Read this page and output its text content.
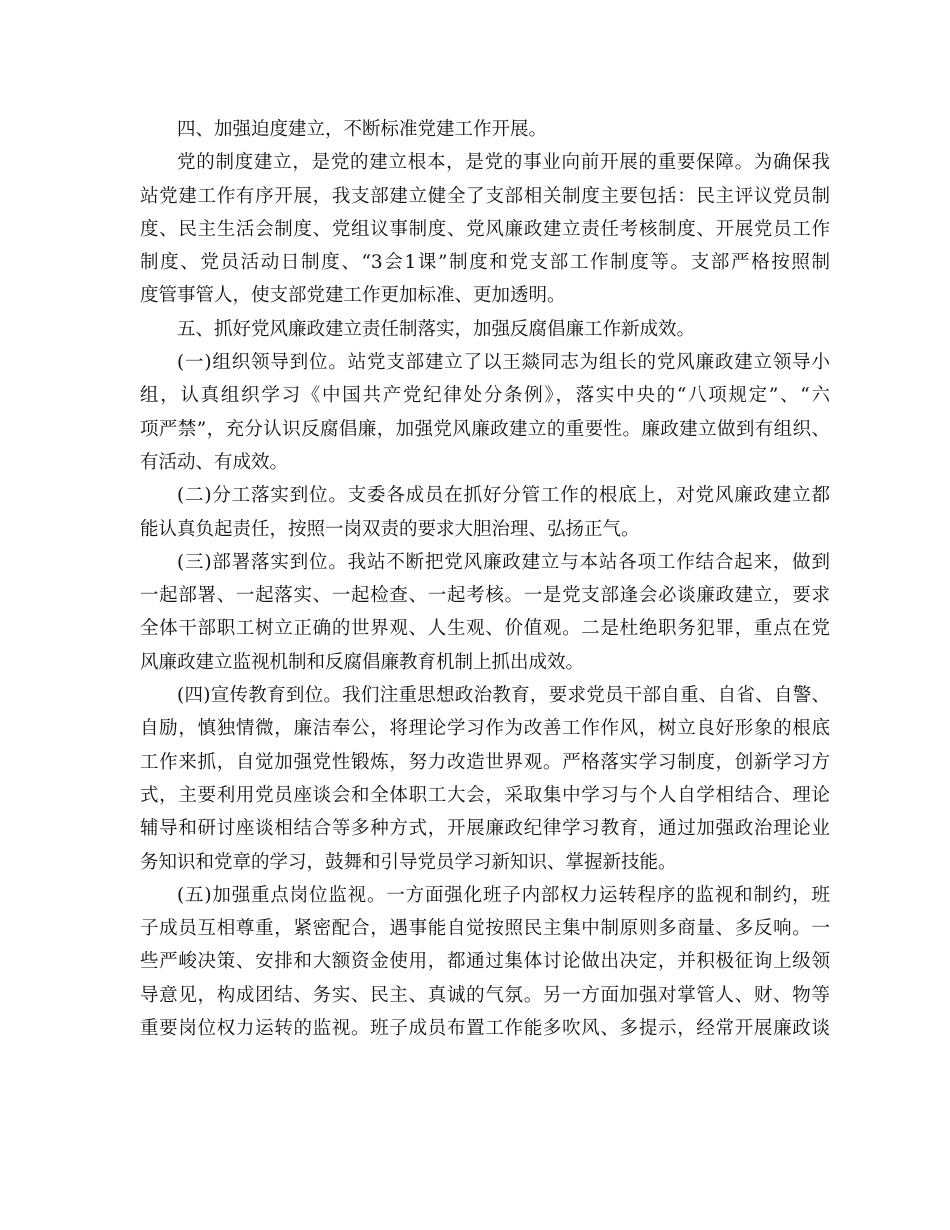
四、加强迫度建立，不断标准党建工作开展。
党的制度建立，是党的建立根本，是党的事业向前开展的重要保障。为确保我
站党建工作有序开展，我支部建立健全了支部相关制度主要包括：民主评议党员制
度、民主生活会制度、党组议事制度、党风廉政建立责任考核制度、开展党员工作
制度、党员活动日制度、“3会1课”制度和党支部工作制度等。支部严格按照制
度管事管人，使支部党建工作更加标准、更加透明。
五、抓好党风廉政建立责任制落实，加强反腐倡廉工作新成效。
(一)组织领导到位。站党支部建立了以王燚同志为组长的党风廉政建立领导小
组，认真组织学习《中国共产党纪律处分条例》，落实中央的“八项规定”、“六
项严禁”，充分认识反腐倡廉，加强党风廉政建立的重要性。廉政建立做到有组织、
有活动、有成效。
(二)分工落实到位。支委各成员在抓好分管工作的根底上，对党风廉政建立都
能认真负起责任，按照一岗双责的要求大胆治理、弘扬正气。
(三)部署落实到位。我站不断把党风廉政建立与本站各项工作结合起来，做到
一起部署、一起落实、一起检查、一起考核。一是党支部逢会必谈廉政建立，要求
全体干部职工树立正确的世界观、人生观、价值观。二是杜绝职务犯罪，重点在党
风廉政建立监视机制和反腐倡廉教育机制上抓出成效。
(四)宣传教育到位。我们注重思想政治教育，要求党员干部自重、自省、自警、
自励，慎独情微，廉洁奉公，将理论学习作为改善工作作风，树立良好形象的根底
工作来抓，自觉加强党性锻炼，努力改造世界观。严格落实学习制度，创新学习方
式，主要利用党员座谈会和全体职工大会，采取集中学习与个人自学相结合、理论
辅导和研讨座谈相结合等多种方式，开展廉政纪律学习教育，通过加强政治理论业
务知识和党章的学习，鼓舞和引导党员学习新知识、掌握新技能。
(五)加强重点岗位监视。一方面强化班子内部权力运转程序的监视和制约，班
子成员互相尊重，紧密配合，遇事能自觉按照民主集中制原则多商量、多反响。一
些严峻决策、安排和大额资金使用，都通过集体讨论做出决定，并积极征询上级领
导意见，构成团结、务实、民主、真诚的气氛。另一方面加强对掌管人、财、物等
重要岗位权力运转的监视。班子成员布置工作能多吹风、多提示，经常开展廉政谈
